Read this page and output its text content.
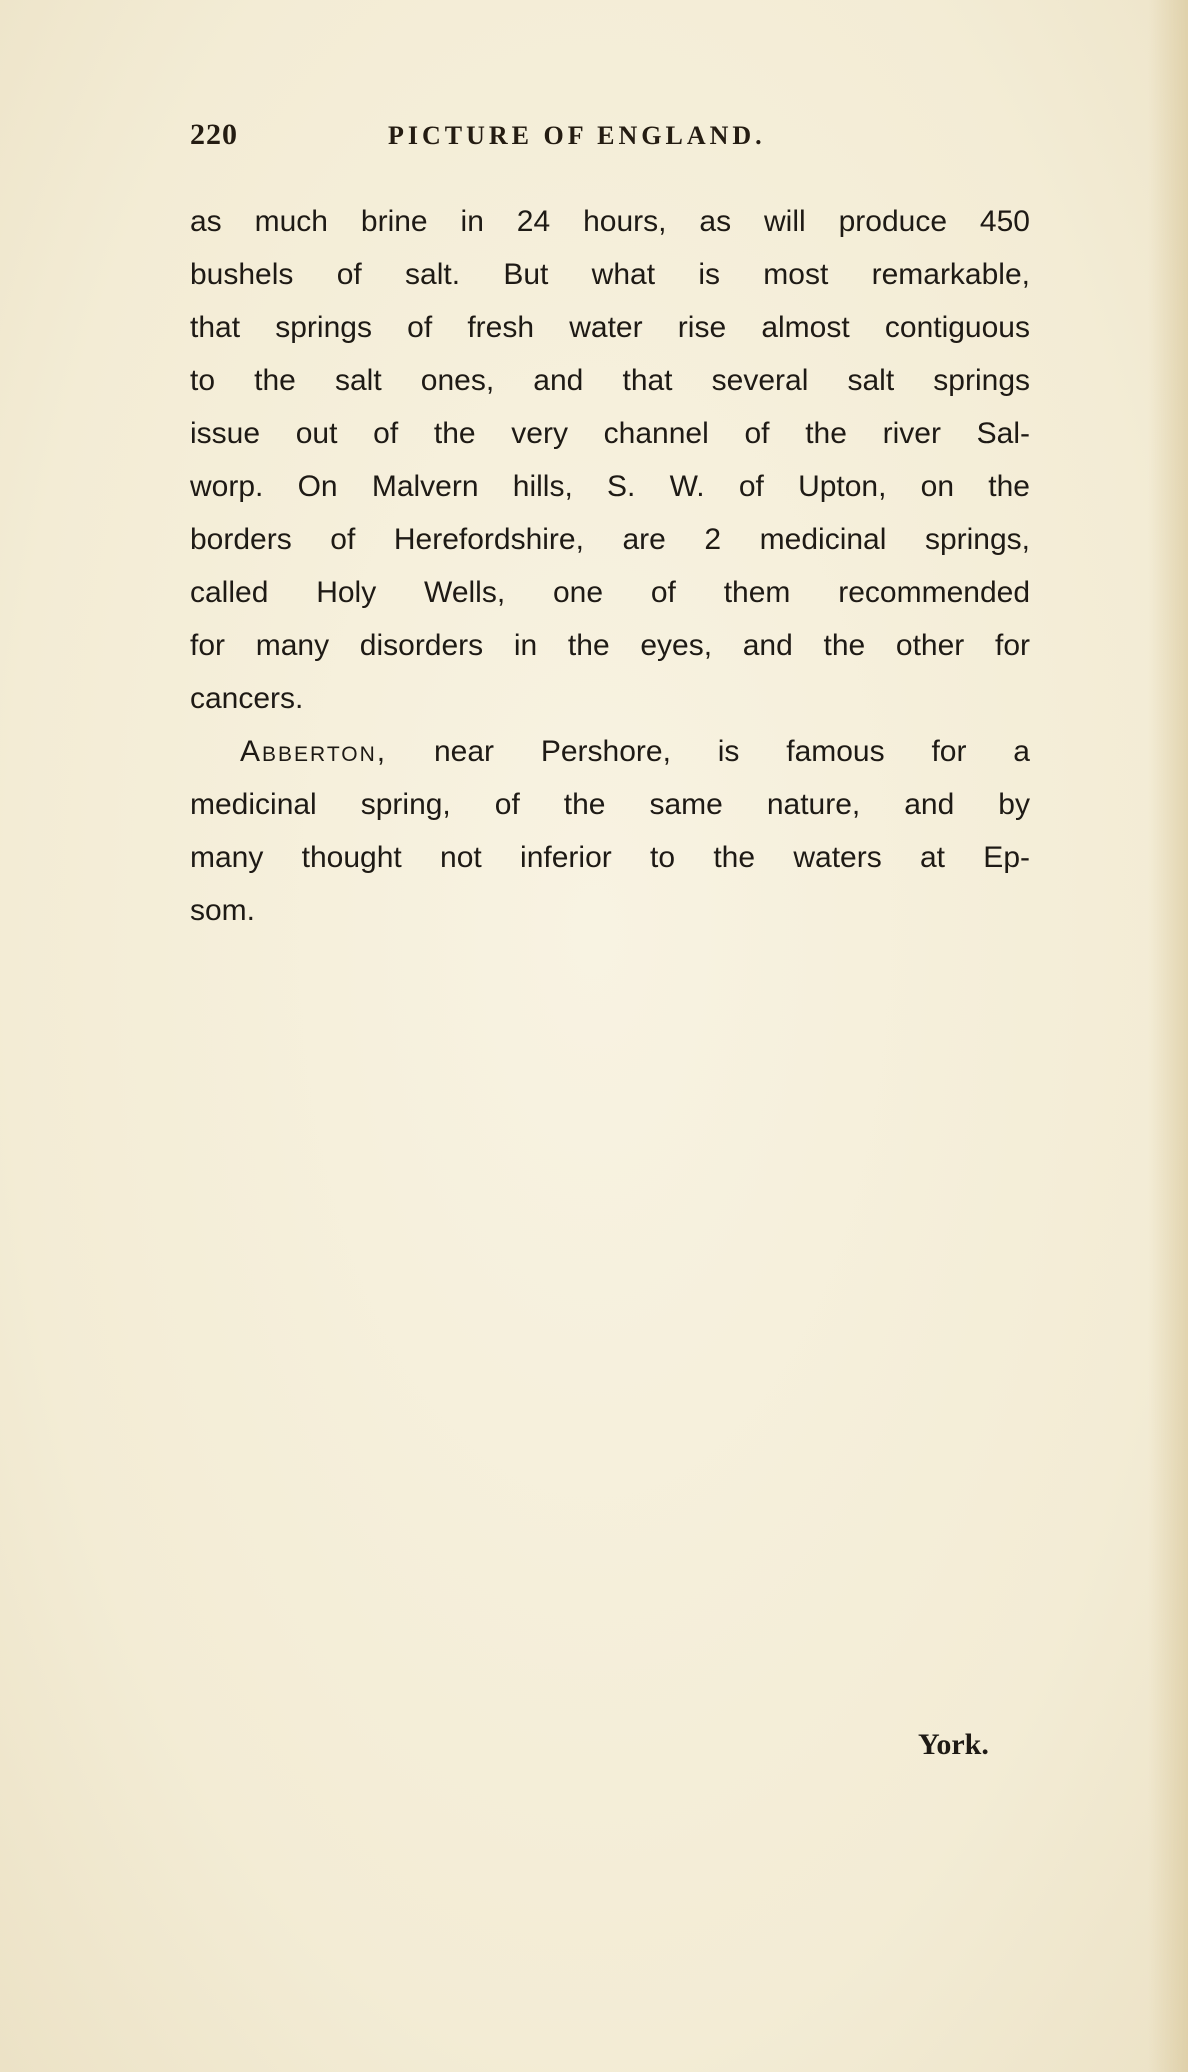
220	PICTURE OF ENGLAND.
as much brine in 24 hours, as will produce 450
bushels of salt. But what is most remarkable,
that springs of fresh water rise almost contiguous
to the salt ones, and that several salt springs
issue out of the very channel of the river Sal-
worp. On Malvern hills, S. W. of Upton, on the
borders of Herefordshire, are 2 medicinal springs,
called Holy Wells, one of them recommended
for many disorders in the eyes, and the other for
cancers.
Abberton, near Pershore, is famous for a
medicinal spring, of the same nature, and by
many thought not inferior to the waters at Ep-
som.
York.
